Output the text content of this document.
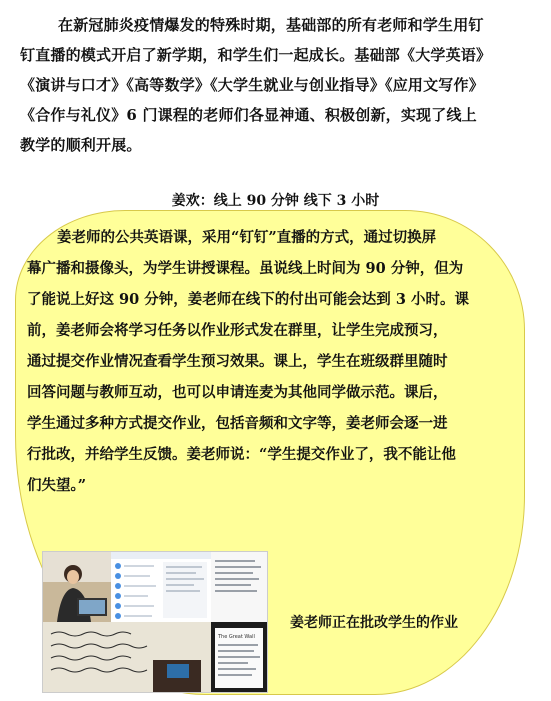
在新冠肺炎疫情爆发的特殊时期，基础部的所有老师和学生用钉

钉直播的模式开启了新学期，和学生们一起成长。基础部《大学英语》

《演讲与口才》《高等数学》《大学生就业与创业指导》《应用文写作》

《合作与礼仪》6 门课程的老师们各显神通、积极创新，实现了线上

教学的顺利开展。

姜欢：线上 90 分钟 线下 3 小时

姜老师的公共英语课，采用“钉钉”直播的方式，通过切换屏

幕广播和摄像头，为学生讲授课程。虽说线上时间为 90 分钟，但为
了能说上好这 90 分钟，姜老师在线下的付出可能会达到 3 小时。课
前，姜老师会将学习任务以作业形式发在群里，让学生完成预习，
通过提交作业情况查看学生预习效果。课上，学生在班级群里随时
回答问题与教师互动，也可以申请连麦为其他同学做示范。课后，
学生通过多种方式提交作业，包括音频和文字等，姜老师会逐一进
行批改，并给学生反馈。姜老师说：“学生提交作业了，我不能让他
们失望。”
The Great Wall
姜老师正在批改学生的作业
